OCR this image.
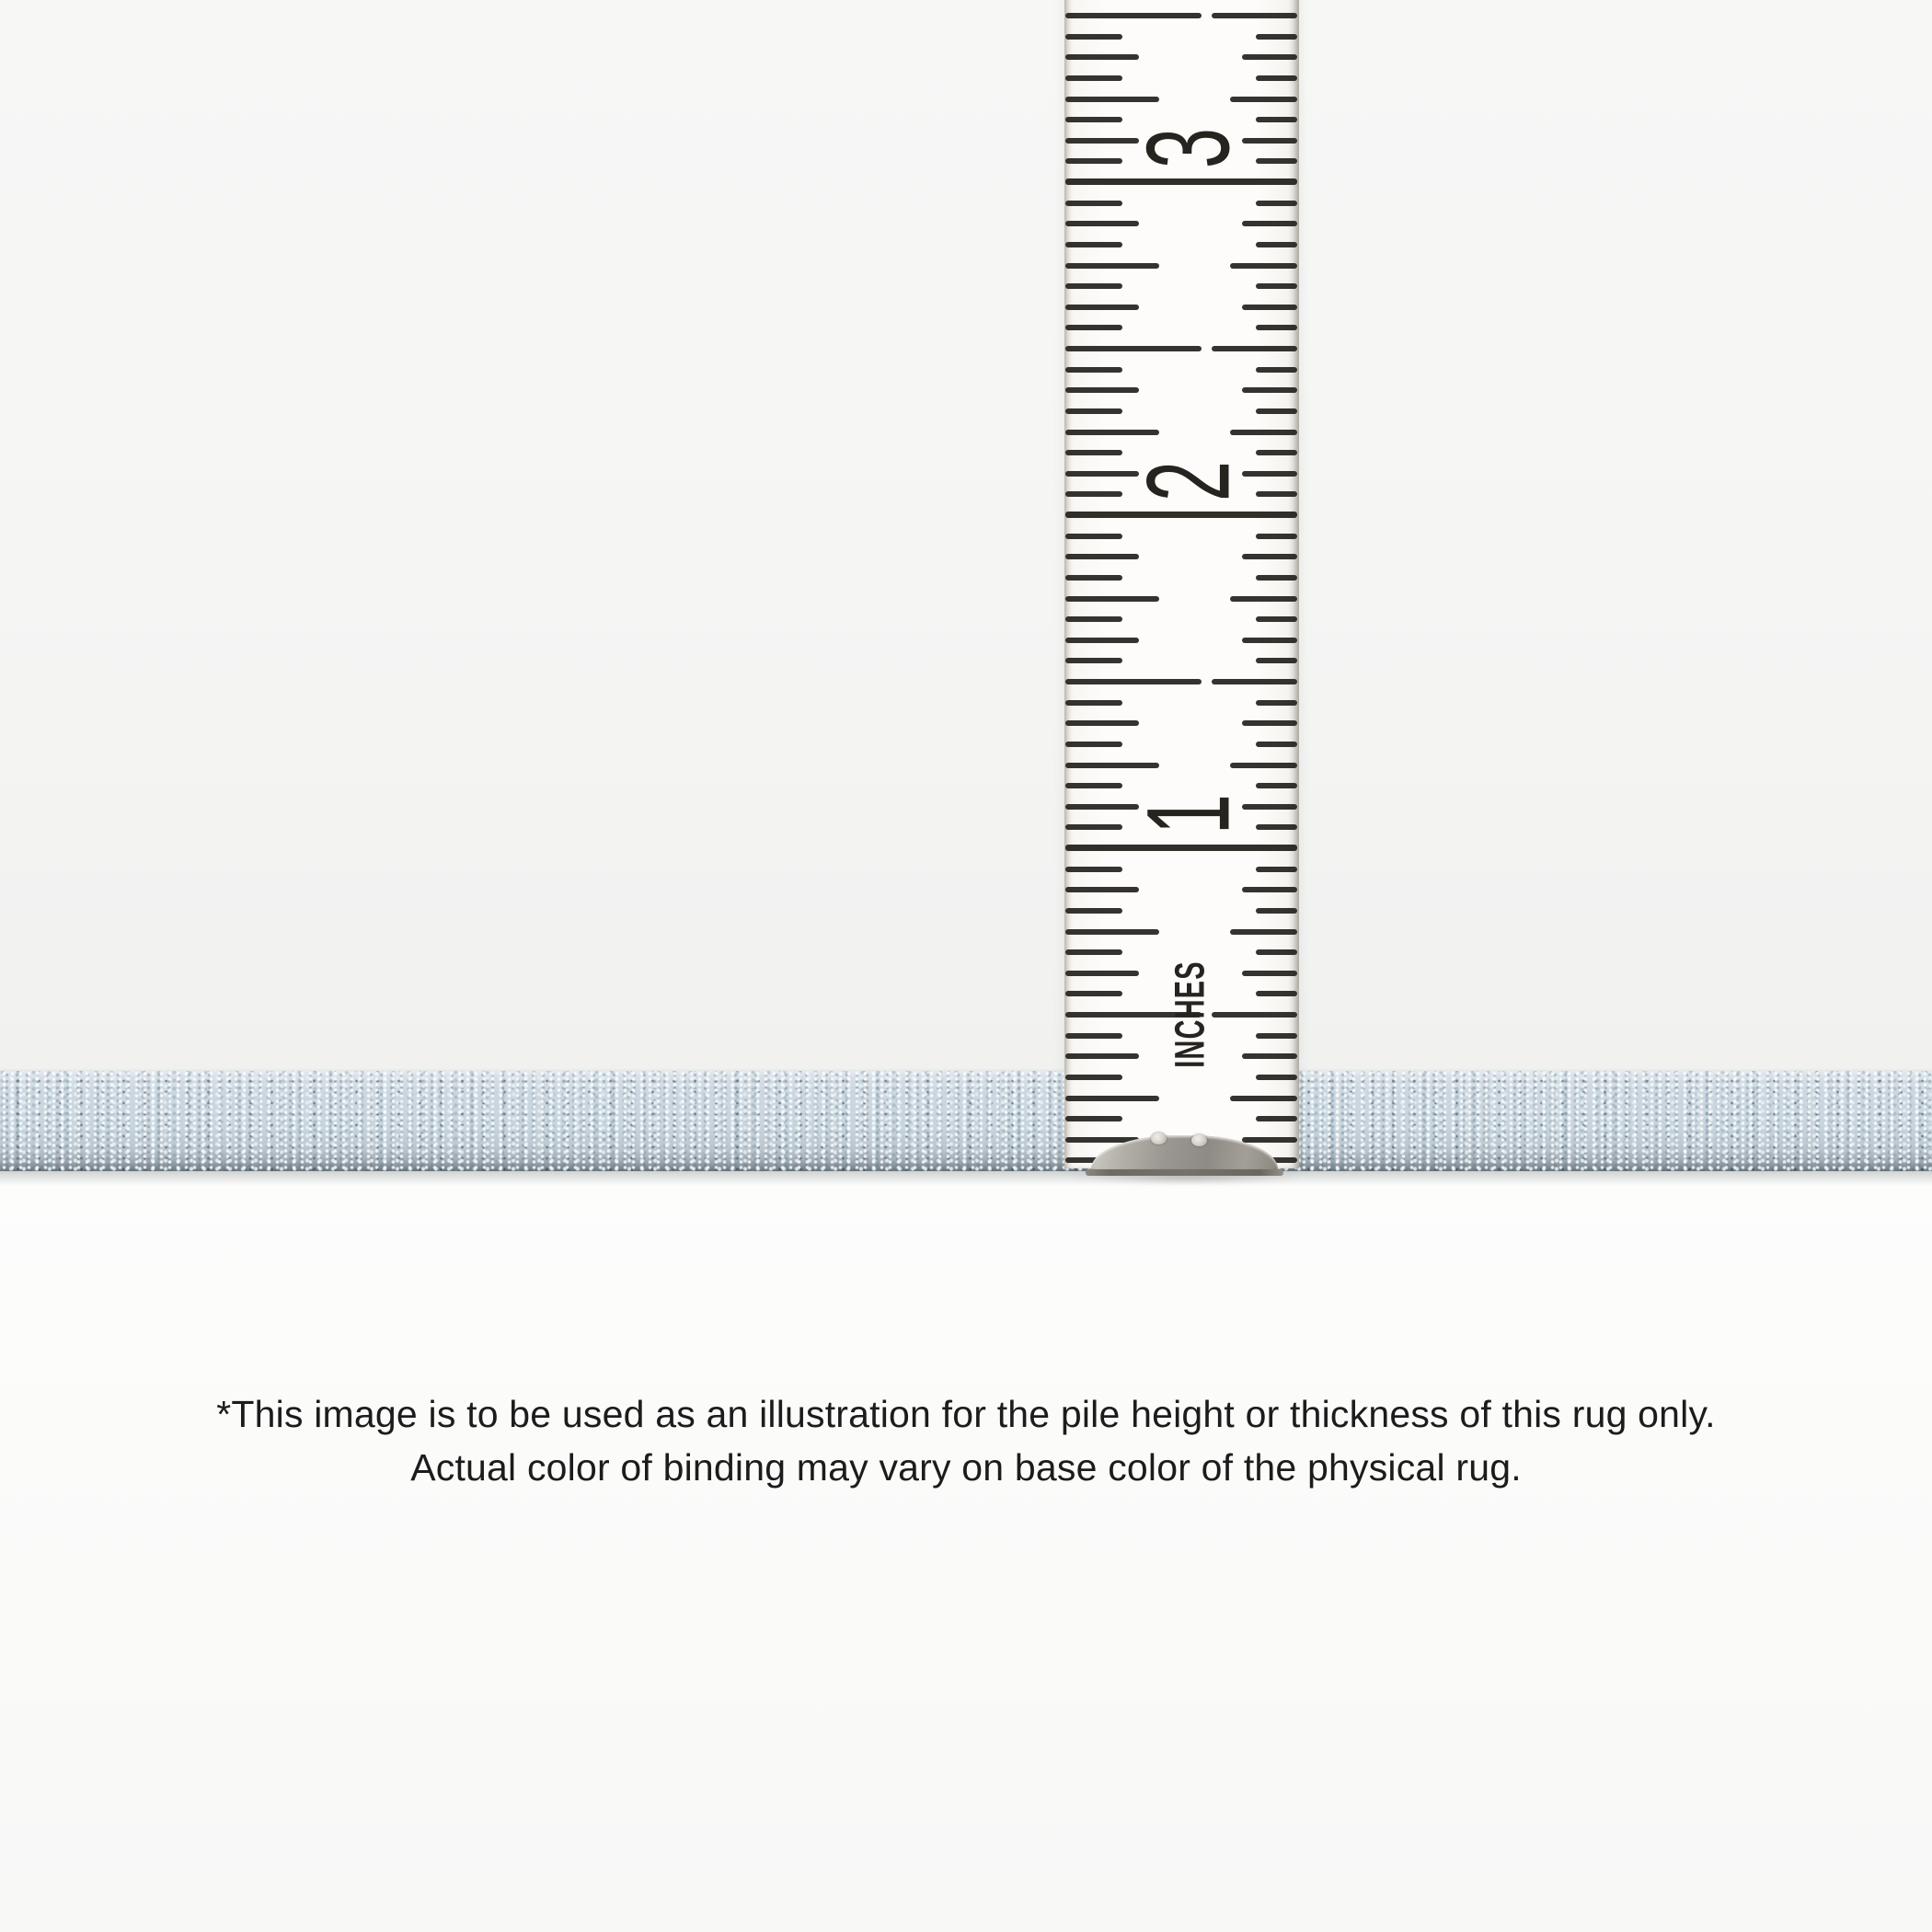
1
2
3
INCHES
*This image is to be used as an illustration for the pile height or thickness of this rug only.
Actual color of binding may vary on base color of the physical rug.
